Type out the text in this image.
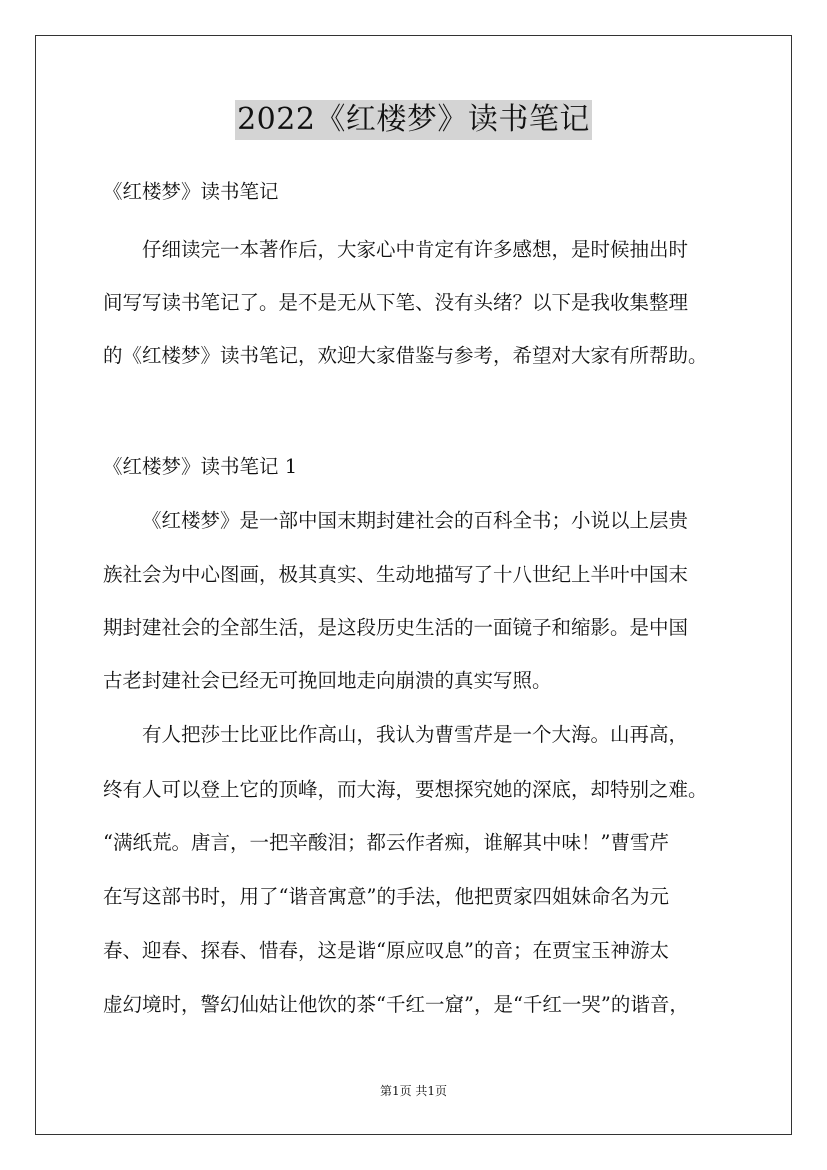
2022《红楼梦》读书笔记
《红楼梦》读书笔记
仔细读完一本著作后，大家心中肯定有许多感想，是时候抽出时
间写写读书笔记了。是不是无从下笔、没有头绪？以下是我收集整理
的《红楼梦》读书笔记，欢迎大家借鉴与参考，希望对大家有所帮助。
《红楼梦》读书笔记 1
《红楼梦》是一部中国末期封建社会的百科全书；小说以上层贵
族社会为中心图画，极其真实、生动地描写了十八世纪上半叶中国末
期封建社会的全部生活，是这段历史生活的一面镜子和缩影。是中国
古老封建社会已经无可挽回地走向崩溃的真实写照。
有人把莎士比亚比作高山，我认为曹雪芹是一个大海。山再高，
终有人可以登上它的顶峰，而大海，要想探究她的深底，却特别之难。
“满纸荒。唐言，一把辛酸泪；都云作者痴，谁解其中味！”曹雪芹
在写这部书时，用了“谐音寓意”的手法，他把贾家四姐妹命名为元
春、迎春、探春、惜春，这是谐“原应叹息”的音；在贾宝玉神游太
虚幻境时，警幻仙姑让他饮的茶“千红一窟”，是“千红一哭”的谐音，
第1页 共1页
